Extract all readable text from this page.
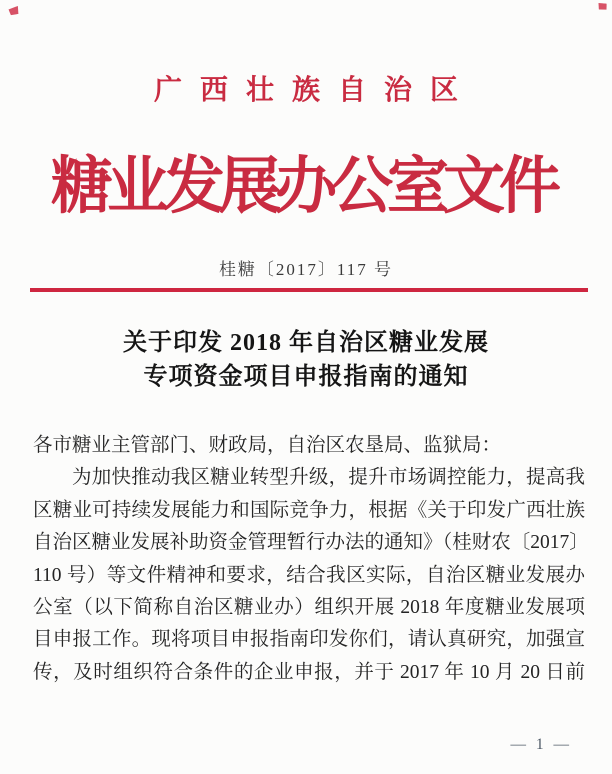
广西壮族自治区
糖业发展办公室文件
桂糖〔2017〕117 号
关于印发 2018 年自治区糖业发展
专项资金项目申报指南的通知
各市糖业主管部门、财政局，自治区农垦局、监狱局：
为加快推动我区糖业转型升级，提升市场调控能力，提高我
区糖业可持续发展能力和国际竞争力，根据《关于印发广西壮族
自治区糖业发展补助资金管理暂行办法的通知》（桂财农〔2017〕
110 号）等文件精神和要求，结合我区实际，自治区糖业发展办
公室（以下简称自治区糖业办）组织开展 2018 年度糖业发展项
目申报工作。现将项目申报指南印发你们，请认真研究，加强宣
传，及时组织符合条件的企业申报，并于 2017 年 10 月 20 日前
— 1 —
